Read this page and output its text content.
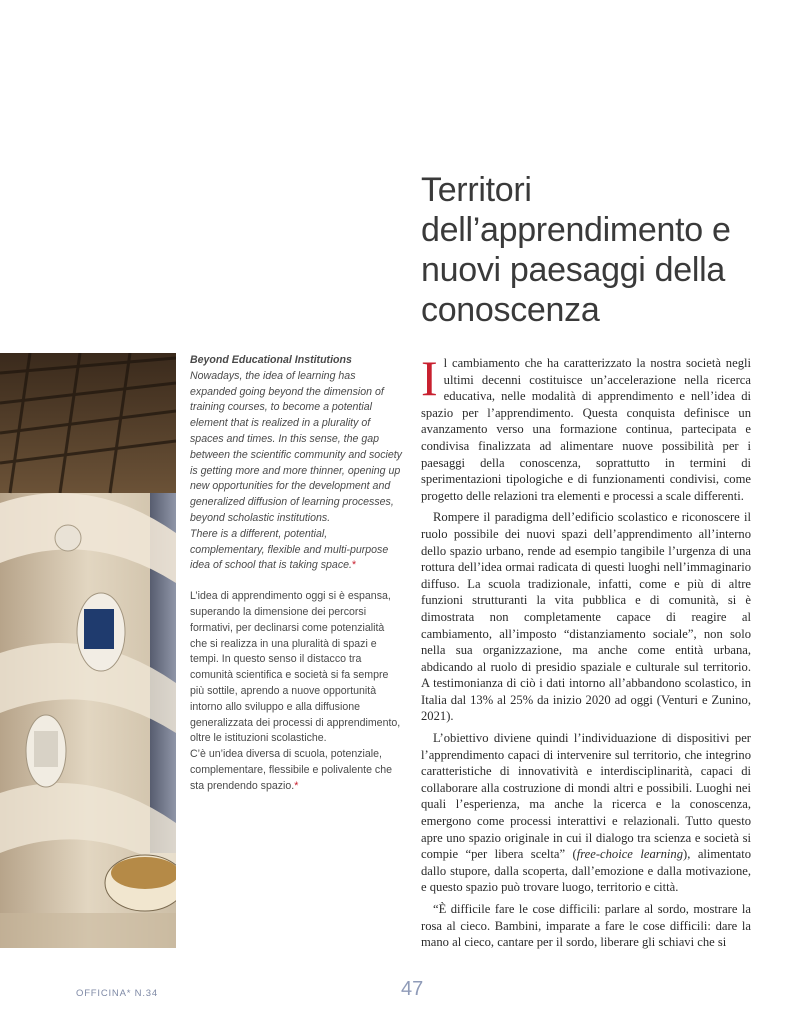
Territori dell’apprendimento e nuovi paesaggi della conoscenza

Beyond Educational Institutions Nowadays, the idea of learning has expanded going beyond the dimension of training courses, to become a potential element that is realized in a plurality of spaces and times. In this sense, the gap between the scientific community and society is getting more and more thinner, opening up new opportunities for the development and generalized diffusion of learning processes, beyond scholastic institutions.

There is a different, potential, complementary, flexible and multi-purpose idea of school that is taking space.*

L’idea di apprendimento oggi si è espansa, superando la dimensione dei percorsi formativi, per declinarsi come potenzialità che si realizza in una pluralità di spazi e tempi. In questo senso il distacco tra comunità scientifica e società si fa sempre più sottile, aprendo a nuove opportunità intorno allo sviluppo e alla diffusione generalizzata dei processi di apprendimento, oltre le istituzioni scolastiche.

C’è un’idea diversa di scuola, potenziale, complementare, flessibile e polivalente che sta prendendo spazio.*

Il cambiamento che ha caratterizzato la nostra società negli ultimi decenni costituisce un’accelerazione nella ricerca educativa, nelle modalità di apprendimento e nell’idea di spazio per l’apprendimento. Questa conquista definisce un avanzamento verso una formazione continua, partecipata e condivisa finalizzata ad alimentare nuove possibilità per i paesaggi della conoscenza, soprattutto in termini di sperimentazioni tipologiche e di funzionamenti condivisi, come progetto delle relazioni tra elementi e processi a scale differenti.

Rompere il paradigma dell’edificio scolastico e riconoscere il ruolo possibile dei nuovi spazi dell’apprendimento all’interno dello spazio urbano, rende ad esempio tangibile l’urgenza di una rottura dell’idea ormai radicata di questi luoghi nell’immaginario diffuso. La scuola tradizionale, infatti, come e più di altre funzioni strutturanti la vita pubblica e di comunità, si è dimostrata non completamente capace di reagire al cambiamento, all’imposto “distanziamento sociale”, non solo nella sua organizzazione, ma anche come entità urbana, abdicando al ruolo di presidio spaziale e culturale sul territorio. A testimonianza di ciò i dati intorno all’abbandono scolastico, in Italia dal 13% al 25% da inizio 2020 ad oggi (Venturi e Zunino, 2021).

L’obiettivo diviene quindi l’individuazione di dispositivi per l’apprendimento capaci di intervenire sul territorio, che integrino caratteristiche di innovatività e interdisciplinarità, capaci di collaborare alla costruzione di mondi altri e possibili. Luoghi nei quali l’esperienza, ma anche la ricerca e la conoscenza, emergono come processi interattivi e relazionali. Tutto questo apre uno spazio originale in cui il dialogo tra scienza e società si compie “per libera scelta” (free-choice learning), alimentato dallo stupore, dalla scoperta, dall’emozione e dalla motivazione, e questo spazio può trovare luogo, territorio e città.

“È difficile fare le cose difficili: parlare al sordo, mostrare la rosa al cieco. Bambini, imparate a fare le cose difficili: dare la mano al cieco, cantare per il sordo, liberare gli schiavi che si

OFFICINA* N.34	47
